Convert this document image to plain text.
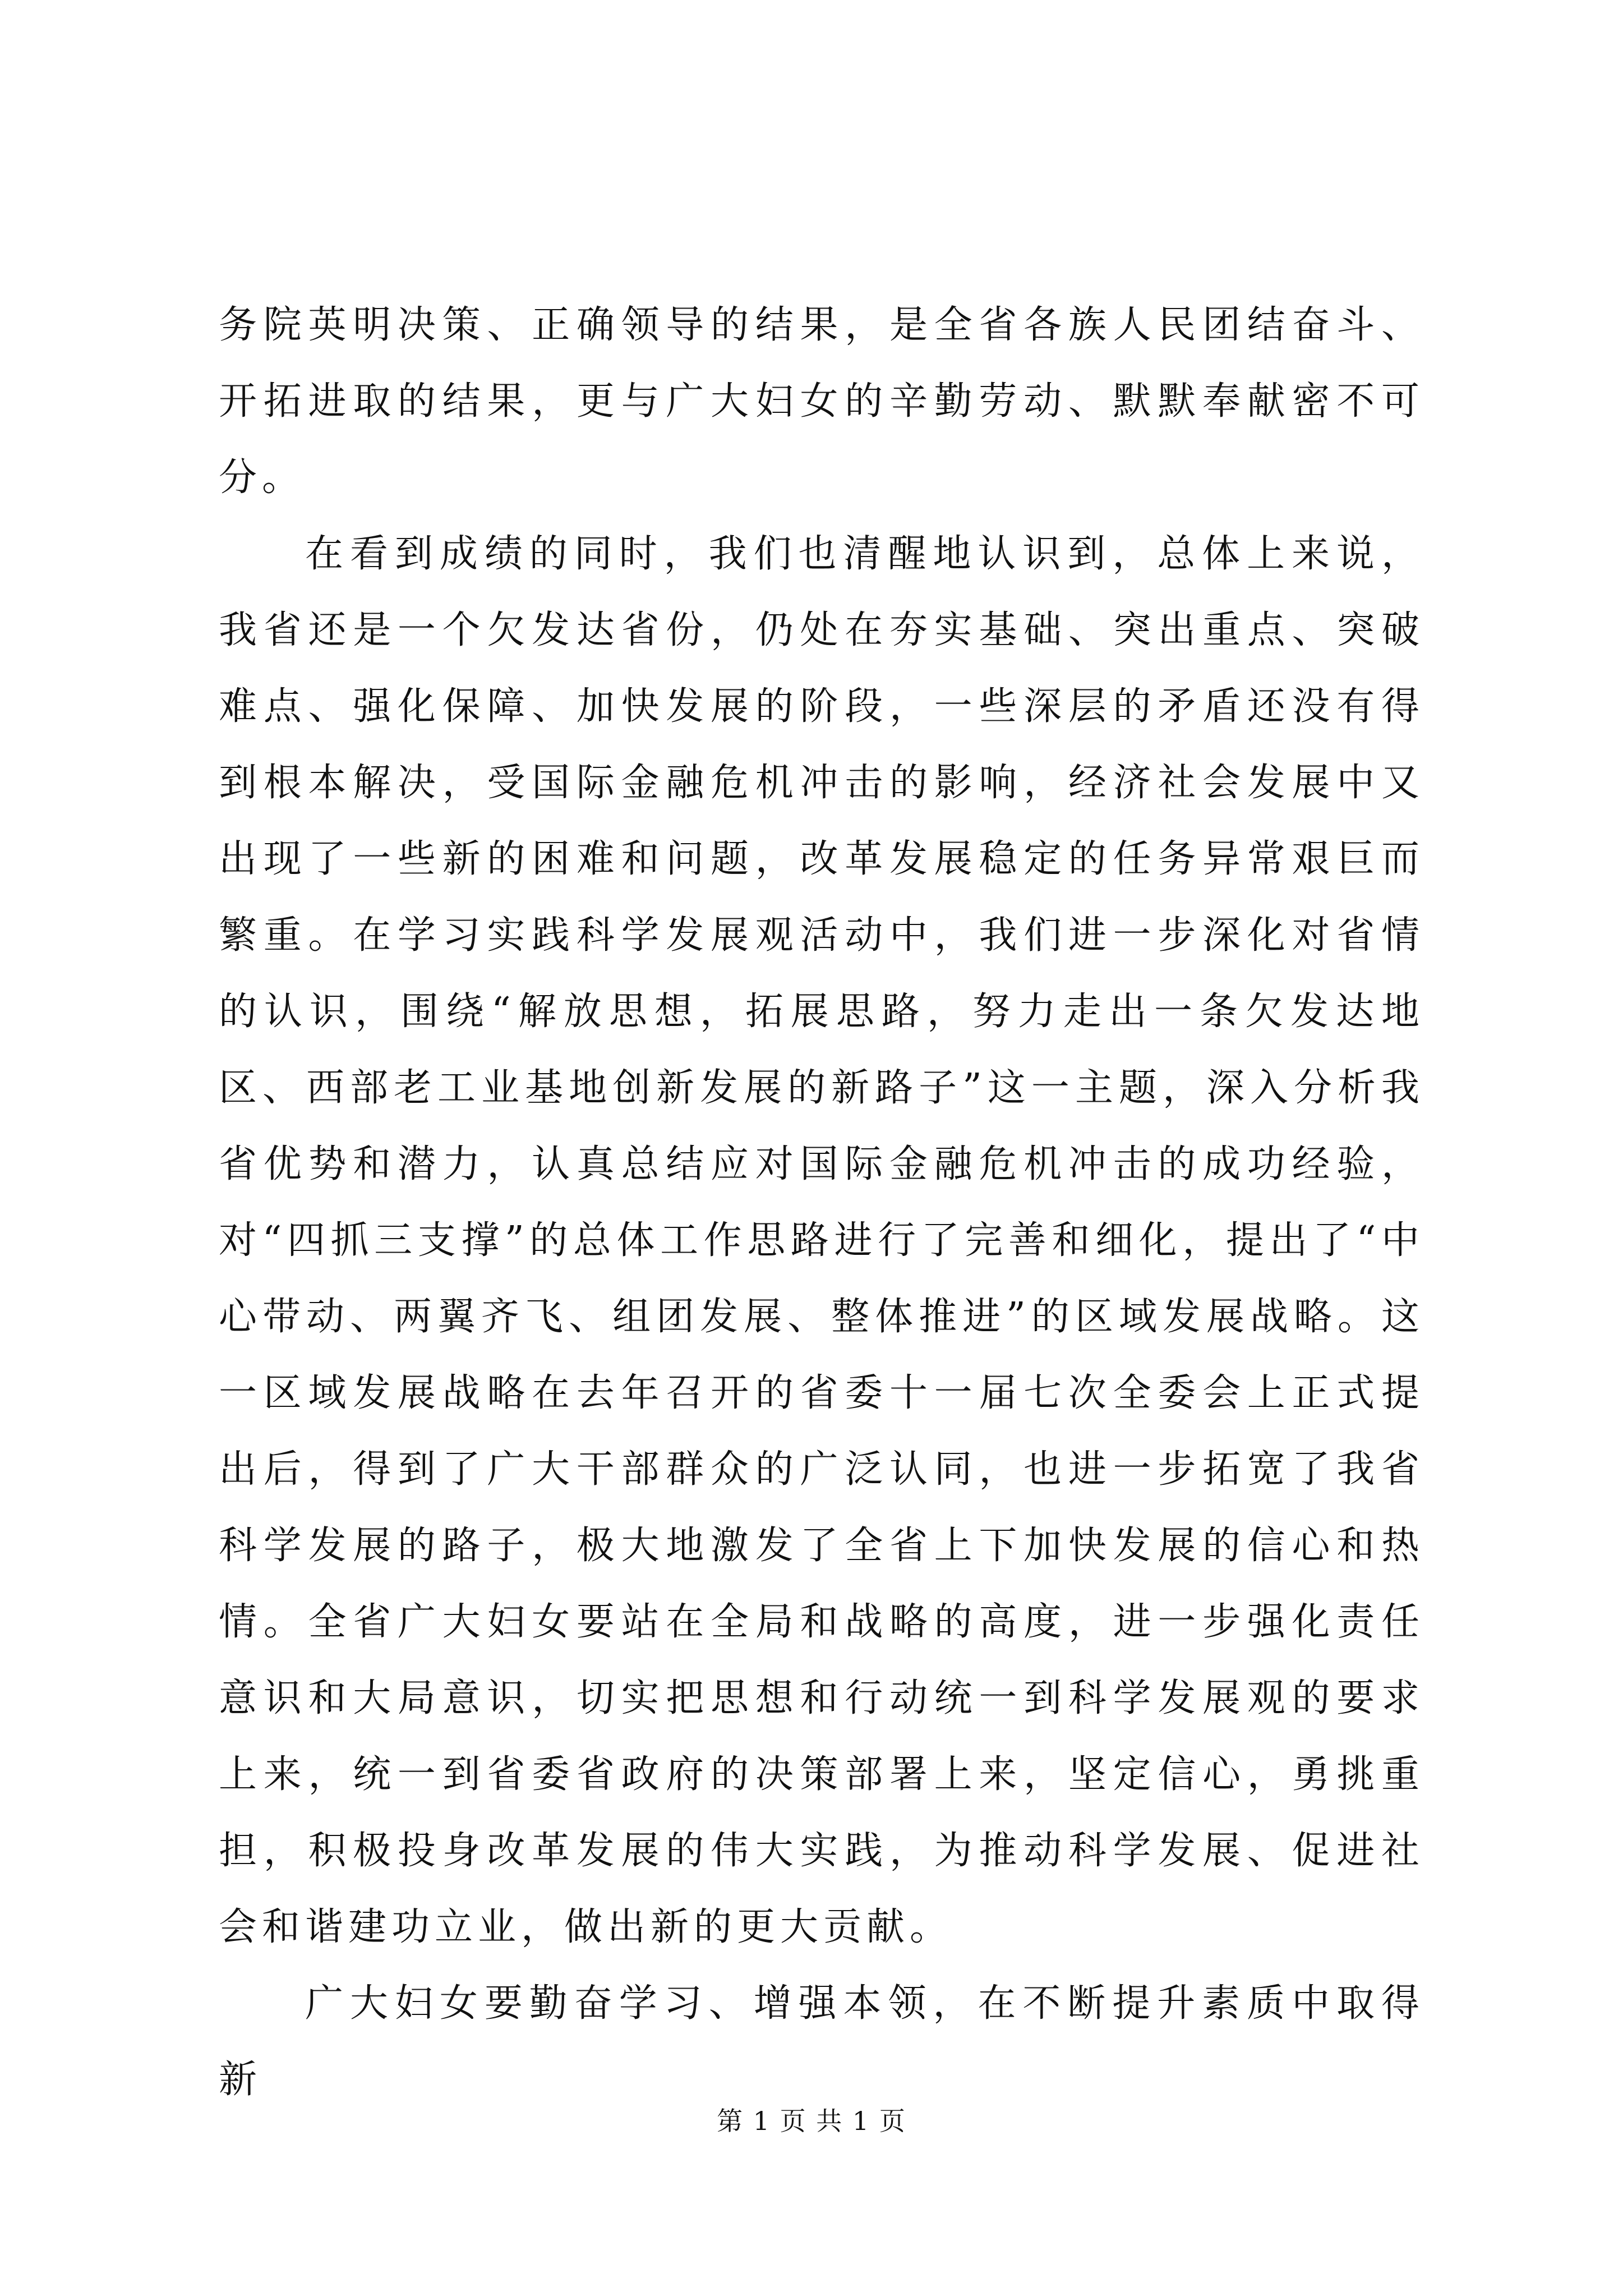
务院英明决策、正确领导的结果，是全省各族人民团结奋斗、开拓进取的结果，更与广大妇女的辛勤劳动、默默奉献密不可分。

在看到成绩的同时，我们也清醒地认识到，总体上来说，我省还是一个欠发达省份，仍处在夯实基础、突出重点、突破难点、强化保障、加快发展的阶段，一些深层的矛盾还没有得到根本解决，受国际金融危机冲击的影响，经济社会发展中又出现了一些新的困难和问题，改革发展稳定的任务异常艰巨而繁重。在学习实践科学发展观活动中，我们进一步深化对省情的认识，围绕“解放思想，拓展思路，努力走出一条欠发达地区、西部老工业基地创新发展的新路子”这一主题，深入分析我省优势和潜力，认真总结应对国际金融危机冲击的成功经验，对“四抓三支撑”的总体工作思路进行了完善和细化，提出了“中心带动、两翼齐飞、组团发展、整体推进”的区域发展战略。这一区域发展战略在去年召开的省委十一届七次全委会上正式提出后，得到了广大干部群众的广泛认同，也进一步拓宽了我省科学发展的路子，极大地激发了全省上下加快发展的信心和热情。全省广大妇女要站在全局和战略的高度，进一步强化责任意识和大局意识，切实把思想和行动统一到科学发展观的要求上来，统一到省委省政府的决策部署上来，坚定信心，勇挑重担，积极投身改革发展的伟大实践，为推动科学发展、促进社会和谐建功立业，做出新的更大贡献。

广大妇女要勤奋学习、增强本领，在不断提升素质中取得新

第 1 页 共 1 页
